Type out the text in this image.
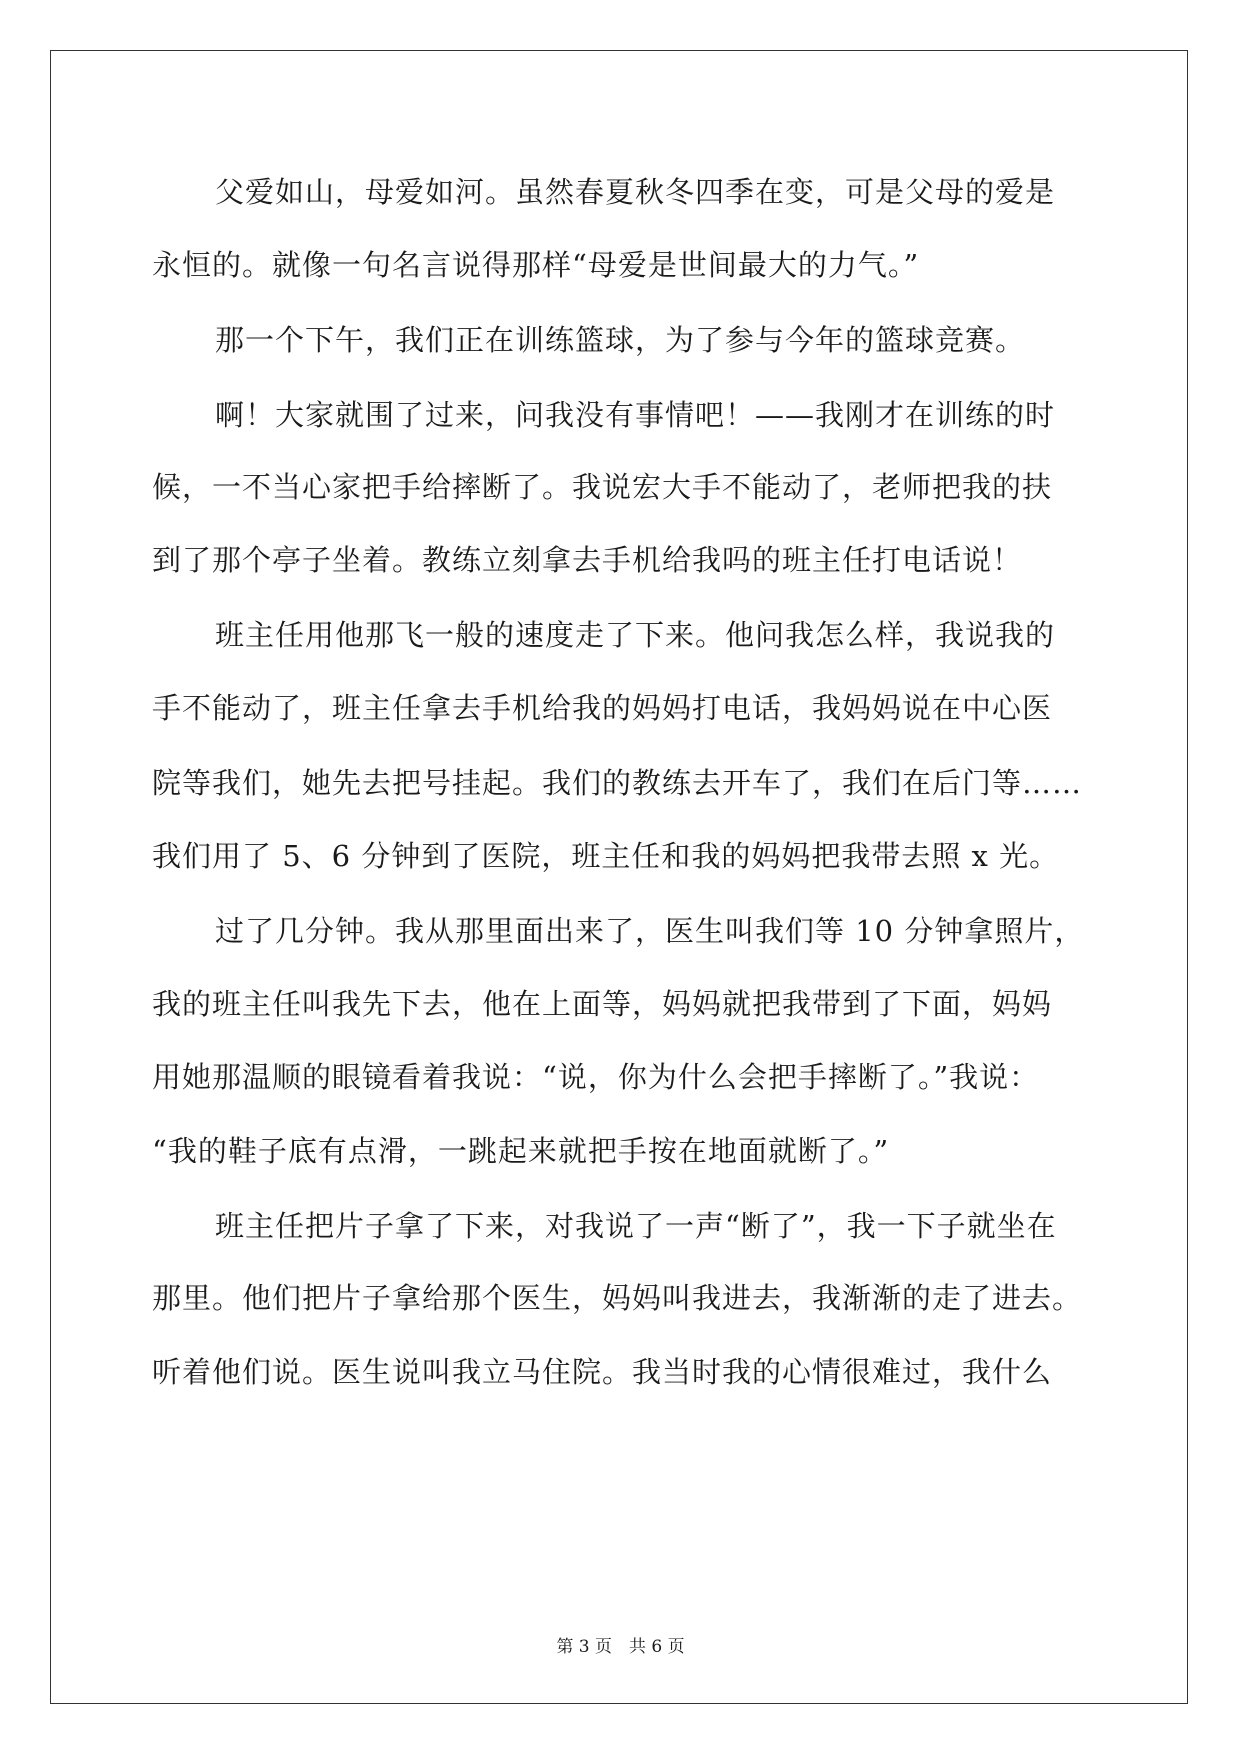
父爱如山，母爱如河。虽然春夏秋冬四季在变，可是父母的爱是
永恒的。就像一句名言说得那样“母爱是世间最大的力气。”
那一个下午，我们正在训练篮球，为了参与今年的篮球竞赛。
啊！大家就围了过来，问我没有事情吧！——我刚才在训练的时
候，一不当心家把手给摔断了。我说宏大手不能动了，老师把我的扶
到了那个亭子坐着。教练立刻拿去手机给我吗的班主任打电话说！
班主任用他那飞一般的速度走了下来。他问我怎么样，我说我的
手不能动了，班主任拿去手机给我的妈妈打电话，我妈妈说在中心医
院等我们，她先去把号挂起。我们的教练去开车了，我们在后门等……
我们用了 5、6 分钟到了医院，班主任和我的妈妈把我带去照 x 光。
过了几分钟。我从那里面出来了，医生叫我们等 10 分钟拿照片，
我的班主任叫我先下去，他在上面等，妈妈就把我带到了下面，妈妈
用她那温顺的眼镜看着我说：“说，你为什么会把手摔断了。”我说：
“我的鞋子底有点滑，一跳起来就把手按在地面就断了。”
班主任把片子拿了下来，对我说了一声“断了”，我一下子就坐在
那里。他们把片子拿给那个医生，妈妈叫我进去，我渐渐的走了进去。
听着他们说。医生说叫我立马住院。我当时我的心情很难过，我什么
第 3 页　共 6 页
